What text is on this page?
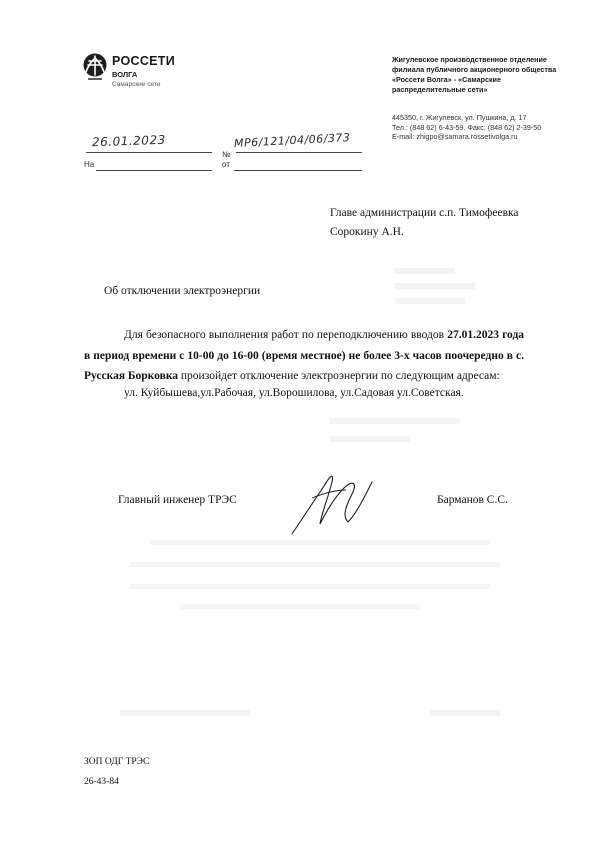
РОССЕТИ
ВОЛГА
Самарские сети
Жигулевское производственное отделение
филиала публичного акционерного общества
«Россети Волга» - «Самарские
распределительные сети»
445350, г. Жигулевск, ул. Пушкина, д. 17
Тел.: (848 62) 6-43-59. Факс: (848 62) 2-39-50
E-mail: zhigpo@samara.rossetivolga.ru
26.01.2023
№
МР6/121/04/06/373
На	от
Главе администрации с.п. Тимофеевка
Сорокину А.Н.
Об отключении электроэнергии

Для безопасного выполнения работ по переподключению вводов 27.01.2023 года в период времени с 10-00 до 16-00 (время местное) не более 3-х часов поочередно в с. Русская Борковка произойдет отключение электроэнергии по следующим адресам:

ул. Куйбышева,ул.Рабочая, ул.Ворошилова, ул.Садовая ул.Советская.
Главный инженер ТРЭС	Барманов С.С.
ЗОП ОДГ ТРЭС
26-43-84
